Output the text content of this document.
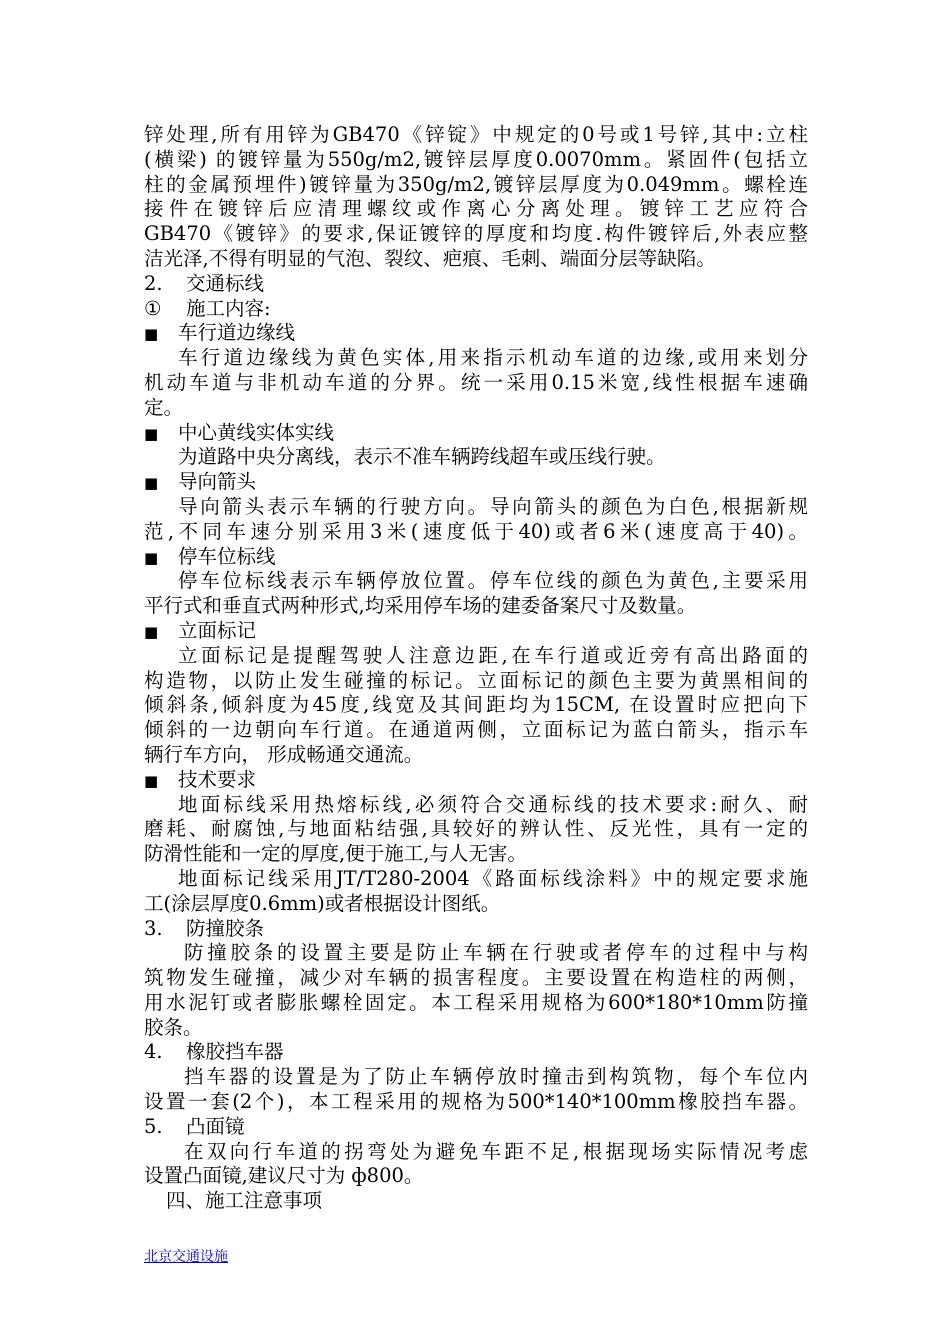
锌处理,所有用锌为GB470《锌锭》中规定的0号或1号锌,其中:立柱
(横梁) 的镀锌量为550g/m2,镀锌层厚度0.0070mm。紧固件(包括立
柱的金属预埋件)镀锌量为350g/m2,镀锌层厚度为0.049mm。螺栓连
接件在镀锌后应清理螺纹或作离心分离处理。镀锌工艺应符合
GB470《镀锌》的要求,保证镀锌的厚度和均度.构件镀锌后,外表应整
洁光泽,不得有明显的气泡、裂纹、疤痕、毛刺、端面分层等缺陷。
2. 交通标线
① 施工内容:
■ 车行道边缘线
车行道边缘线为黄色实体,用来指示机动车道的边缘,或用来划分
机动车道与非机动车道的分界。统一采用0.15米宽,线性根据车速确
定。
■ 中心黄线实体实线
为道路中央分离线，表示不准车辆跨线超车或压线行驶。
■ 导向箭头
导向箭头表示车辆的行驶方向。导向箭头的颜色为白色,根据新规
范,不同车速分别采用3米(速度低于40)或者6米(速度高于40)。
■ 停车位标线
停车位标线表示车辆停放位置。停车位线的颜色为黄色,主要采用
平行式和垂直式两种形式,均采用停车场的建委备案尺寸及数量。
■ 立面标记
立面标记是提醒驾驶人注意边距,在车行道或近旁有高出路面的
构造物，以防止发生碰撞的标记。立面标记的颜色主要为黄黑相间的
倾斜条,倾斜度为45度,线宽及其间距均为15CM, 在设置时应把向下
倾斜的一边朝向车行道。在通道两侧，立面标记为蓝白箭头，指示车
辆行车方向， 形成畅通交通流。
■ 技术要求
地面标线采用热熔标线,必须符合交通标线的技术要求:耐久、耐
磨耗、耐腐蚀,与地面粘结强,具较好的辨认性、反光性，具有一定的
防滑性能和一定的厚度,便于施工,与人无害。
地面标记线采用JT/T280-2004《路面标线涂料》中的规定要求施
工(涂层厚度0.6mm)或者根据设计图纸。
3. 防撞胶条
防撞胶条的设置主要是防止车辆在行驶或者停车的过程中与构
筑物发生碰撞，减少对车辆的损害程度。主要设置在构造柱的两侧，
用水泥钉或者膨胀螺栓固定。本工程采用规格为600*180*10mm防撞
胶条。
4. 橡胶挡车器
挡车器的设置是为了防止车辆停放时撞击到构筑物，每个车位内
设置一套(2个)，本工程采用的规格为500*140*100mm橡胶挡车器。
5. 凸面镜
在双向行车道的拐弯处为避免车距不足,根据现场实际情况考虑
设置凸面镜,建议尺寸为 ф800。
四、施工注意事项
北京交通设施
